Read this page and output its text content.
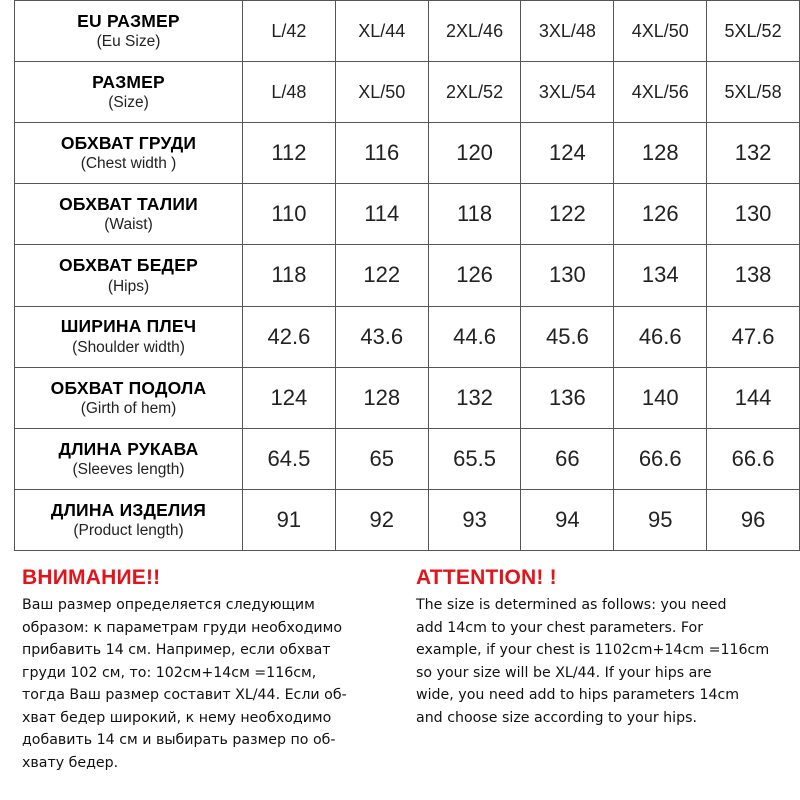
EU РАЗМЕР
(Eu Size)	L/42	XL/44	2XL/46	3XL/48	4XL/50	5XL/52

РАЗМЕР
(Size)	L/48	XL/50	2XL/52	3XL/54	4XL/56	5XL/58

ОБХВАТ ГРУДИ
(Chest width )	112	116	120	124	128	132

ОБХВАТ ТАЛИИ
(Waist)	110	114	118	122	126	130

ОБХВАТ БЕДЕР
(Hips)	118	122	126	130	134	138

ШИРИНА ПЛЕЧ
(Shoulder width)	42.6	43.6	44.6	45.6	46.6	47.6

ОБХВАТ ПОДОЛА
(Girth of hem)	124	128	132	136	140	144

ДЛИНА РУКАВА
(Sleeves length)	64.5	65	65.5	66	66.6	66.6

ДЛИНА ИЗДЕЛИЯ
(Product length)	91	92	93	94	95	96
ВНИМАНИЕ!!
Ваш размер определяется следующим
образом: к параметрам груди необходимо
прибавить 14 см. Например, если обхват
груди 102 см, то: 102см+14см =116см,
тогда Ваш размер составит XL/44. Если об-
хват бедер широкий, к нему необходимо
добавить 14 см и выбирать размер по об-
хвату бедер.
ATTENTION! !
The size is determined as follows: you need
add 14cm to your chest parameters. For
example, if your chest is 1102cm+14cm =116cm
so your size will be XL/44. If your hips are
wide, you need add to hips parameters 14cm
and choose size according to your hips.
